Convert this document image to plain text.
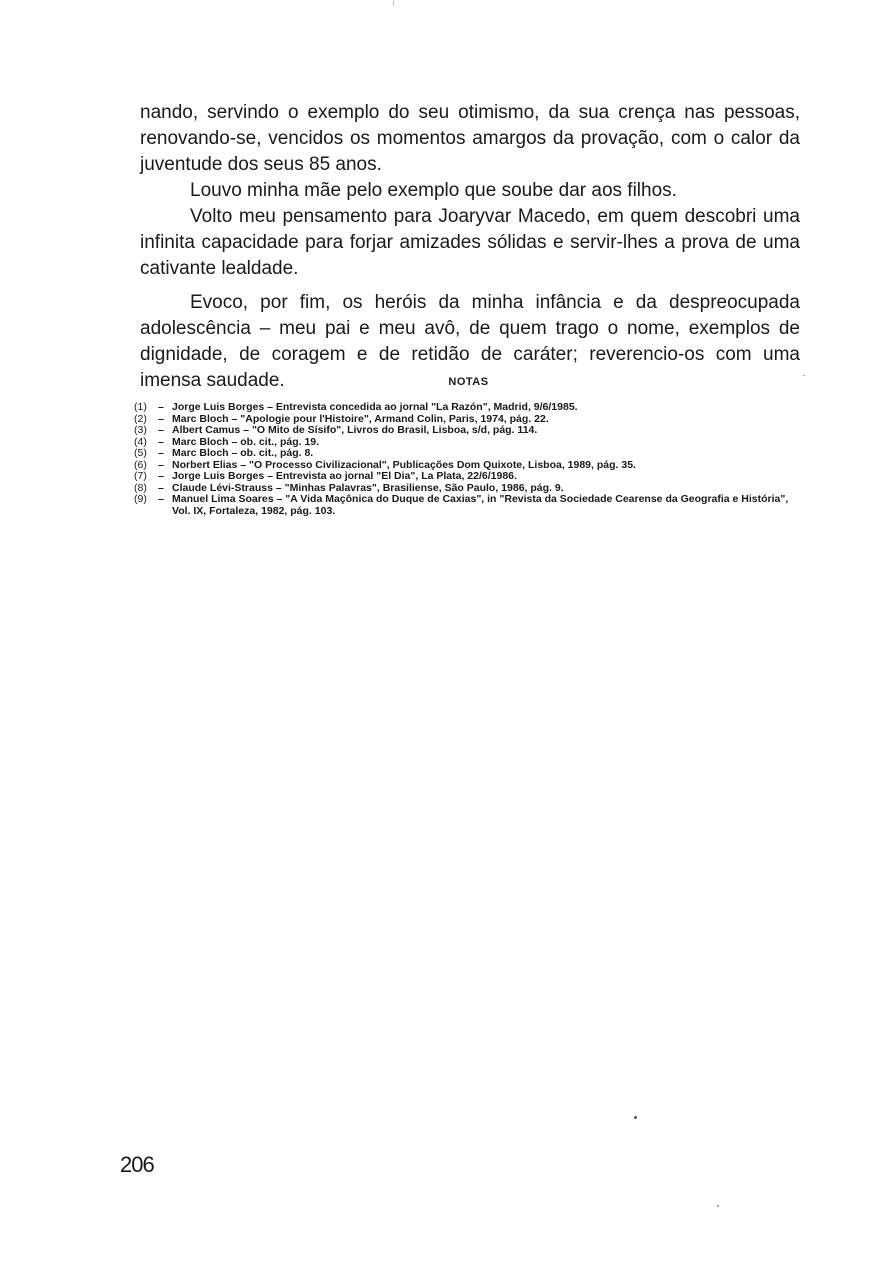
nando, servindo o exemplo do seu otimismo, da sua crença nas pessoas, renovando-se, vencidos os momentos amargos da provação, com o calor da juventude dos seus 85 anos.

Louvo minha mãe pelo exemplo que soube dar aos filhos.

Volto meu pensamento para Joaryvar Macedo, em quem descobri uma infinita capacidade para forjar amizades sólidas e servir-lhes a prova de uma cativante lealdade.

Evoco, por fim, os heróis da minha infância e da despreocupada adolescência – meu pai e meu avô, de quem trago o nome, exemplos de dignidade, de coragem e de retidão de caráter; reverencio-os com uma imensa saudade.	NOTAS
(1)	– Jorge Luis Borges – Entrevista concedida ao jornal "La Razón", Madrid, 9/6/1985.
(2)	– Marc Bloch – "Apologie pour l'Histoire", Armand Colin, Paris, 1974, pág. 22.
(3)	– Albert Camus – "O Mito de Sísifo", Livros do Brasil, Lisboa, s/d, pág. 114.
(4)	– Marc Bloch – ob. cit., pág. 19.
(5)	– Marc Bloch – ob. cit., pág. 8.
(6)	– Norbert Elias – "O Processo Civilizacional", Publicações Dom Quixote, Lisboa, 1989, pág. 35.
(7)	– Jorge Luis Borges – Entrevista ao jornal "El Dia", La Plata, 22/6/1986.
(8)	– Claude Lévi-Strauss – "Minhas Palavras", Brasiliense, São Paulo, 1986, pág. 9.
(9)	– Manuel Lima Soares – "A Vida Maçônica do Duque de Caxias", in "Revista da Sociedade Cearense da Geografia e História", Vol. IX, Fortaleza, 1982, pág. 103.
206
